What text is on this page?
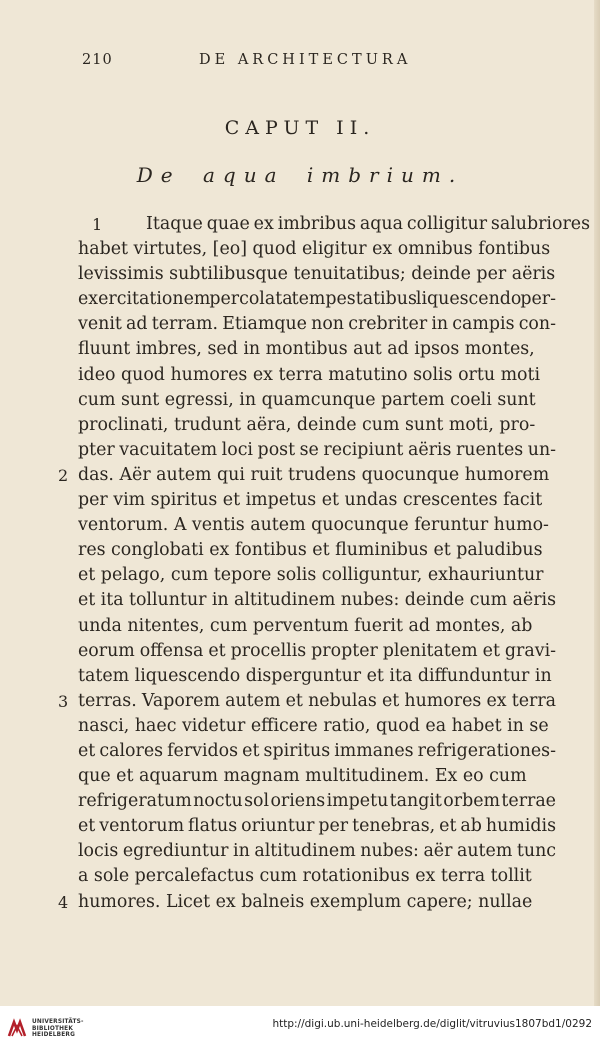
210	DE ARCHITECTURA
CAPUT II.
De aqua imbrium.
1	Itaque quae ex imbribus aqua colligitur salubriores
habet virtutes, [eo] quod eligitur ex omnibus fontibus
levissimis subtilibusque tenuitatibus; deinde per aëris
exercitationem percolata tempestatibus liquescendo per-
venit ad terram. Etiamque non crebriter in campis con-
fluunt imbres, sed in montibus aut ad ipsos montes,
ideo quod humores ex terra matutino solis ortu moti
cum sunt egressi, in quamcunque partem coeli sunt
proclinati, trudunt aëra, deinde cum sunt moti, pro-
pter vacuitatem loci post se recipiunt aëris ruentes un-
2 das. Aër autem qui ruit trudens quocunque humorem
per vim spiritus et impetus et undas crescentes facit
ventorum. A ventis autem quocunque feruntur humo-
res conglobati ex fontibus et fluminibus et paludibus
et pelago, cum tepore solis colliguntur, exhauriuntur
et ita tolluntur in altitudinem nubes: deinde cum aëris
unda nitentes, cum perventum fuerit ad montes, ab
eorum offensa et procellis propter plenitatem et gravi-
tatem liquescendo disperguntur et ita diffunduntur in
3 terras. Vaporem autem et nebulas et humores ex terra
nasci, haec videtur efficere ratio, quod ea habet in se
et calores fervidos et spiritus immanes refrigerationes-
que et aquarum magnam multitudinem. Ex eo cum
refrigeratum noctu sol oriens impetu tangit orbem terrae
et ventorum flatus oriuntur per tenebras, et ab humidis
locis egrediuntur in altitudinem nubes: aër autem tunc
a sole percalefactus cum rotationibus ex terra tollit
4 humores. Licet ex balneis exemplum capere; nullae
UNIVERSITÄTS-
BIBLIOTHEK
HEIDELBERG
http://digi.ub.uni-heidelberg.de/diglit/vitruvius1807bd1/0292
